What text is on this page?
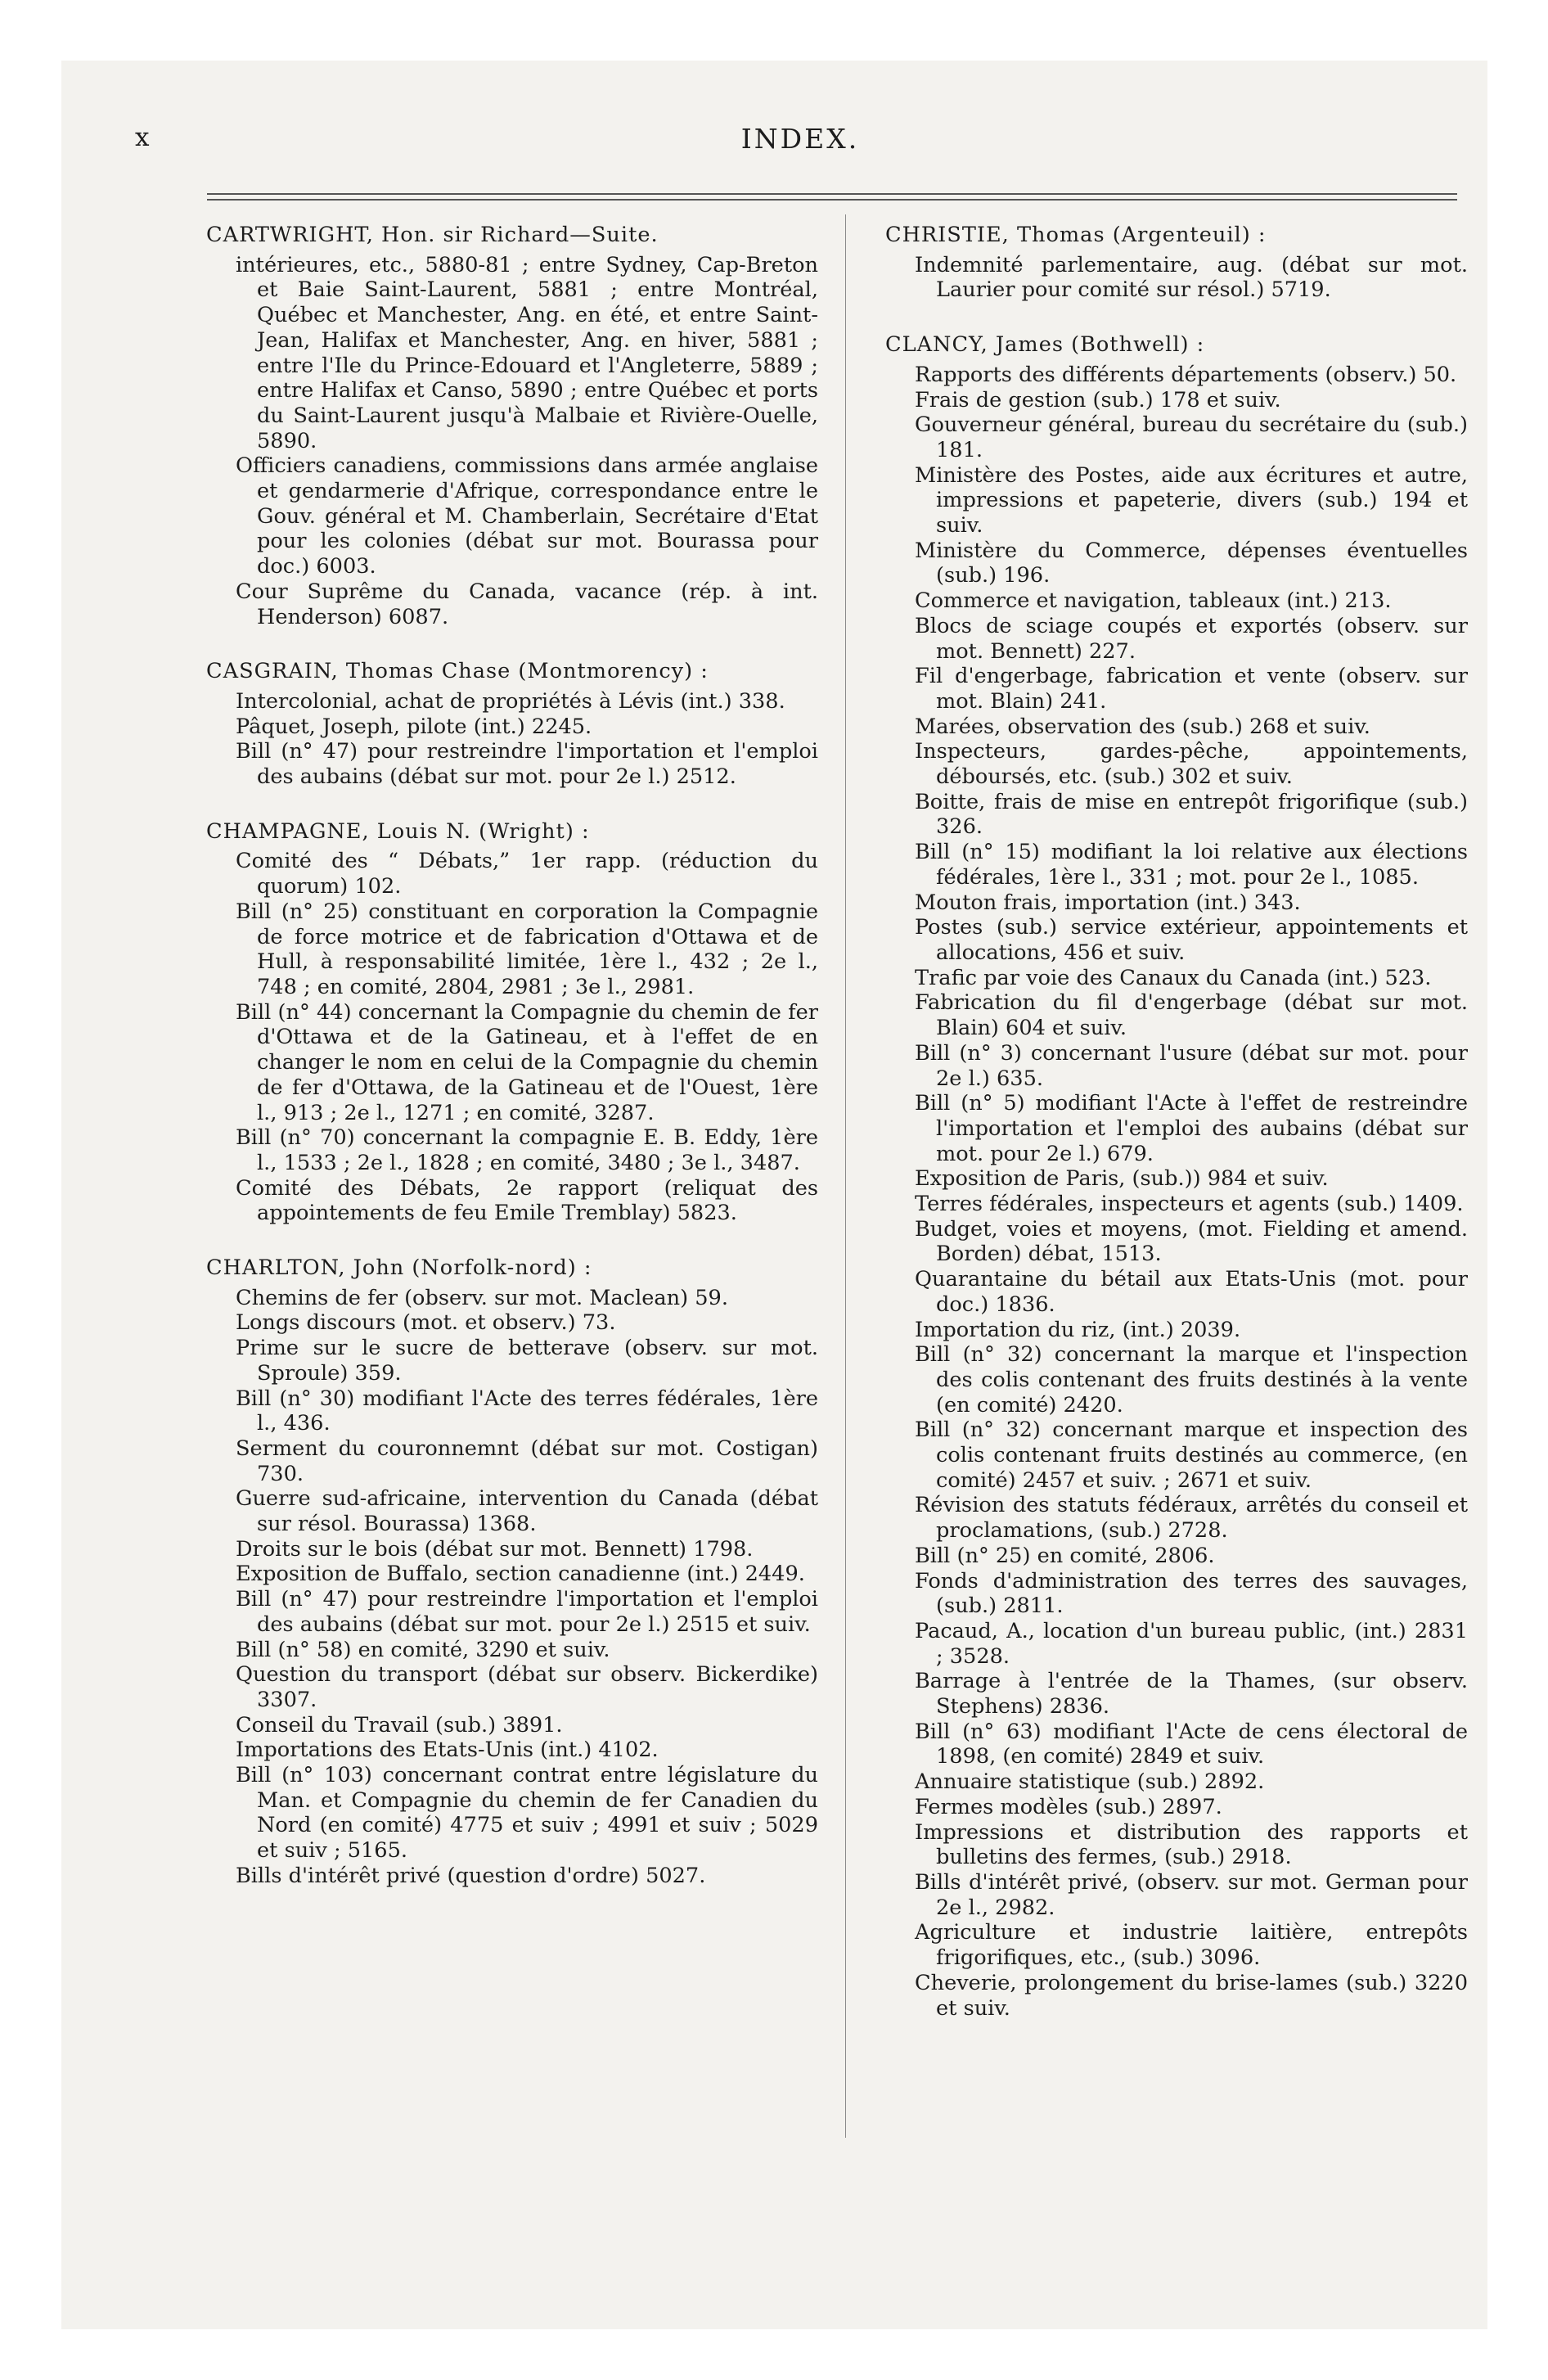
x	INDEX.
CARTWRIGHT, Hon. sir Richard—Suite.
intérieures, etc., 5880-81 ; entre Sydney, Cap-Breton et Baie Saint-Laurent, 5881 ; entre Montréal, Québec et Manchester, Ang. en été, et entre Saint-Jean, Halifax et Manchester, Ang. en hiver, 5881 ; entre l'Ile du Prince-Edouard et l'Angleterre, 5889 ; entre Halifax et Canso, 5890 ; entre Québec et ports du Saint-Laurent jusqu'à Malbaie et Rivière-Ouelle, 5890.
Officiers canadiens, commissions dans armée anglaise et gendarmerie d'Afrique, correspondance entre le Gouv. général et M. Chamberlain, Secrétaire d'Etat pour les colonies (débat sur mot. Bourassa pour doc.) 6003.
Cour Suprême du Canada, vacance (rép. à int. Henderson) 6087.
CASGRAIN, Thomas Chase (Montmorency) :
Intercolonial, achat de propriétés à Lévis (int.) 338.
Pâquet, Joseph, pilote (int.) 2245.
Bill (n° 47) pour restreindre l'importation et l'emploi des aubains (débat sur mot. pour 2e l.) 2512.
CHAMPAGNE, Louis N. (Wright) :
Comité des “ Débats,” 1er rapp. (réduction du quorum) 102.
Bill (n° 25) constituant en corporation la Compagnie de force motrice et de fabrication d'Ottawa et de Hull, à responsabilité limitée, 1ère l., 432 ; 2e l., 748 ; en comité, 2804, 2981 ; 3e l., 2981.
Bill (n° 44) concernant la Compagnie du chemin de fer d'Ottawa et de la Gatineau, et à l'effet de en changer le nom en celui de la Compagnie du chemin de fer d'Ottawa, de la Gatineau et de l'Ouest, 1ère l., 913 ; 2e l., 1271 ; en comité, 3287.
Bill (n° 70) concernant la compagnie E. B. Eddy, 1ère l., 1533 ; 2e l., 1828 ; en comité, 3480 ; 3e l., 3487.
Comité des Débats, 2e rapport (reliquat des appointements de feu Emile Tremblay) 5823.
CHARLTON, John (Norfolk-nord) :
Chemins de fer (observ. sur mot. Maclean) 59.
Longs discours (mot. et observ.) 73.
Prime sur le sucre de betterave (observ. sur mot. Sproule) 359.
Bill (n° 30) modifiant l'Acte des terres fédérales, 1ère l., 436.
Serment du couronnemnt (débat sur mot. Costigan) 730.
Guerre sud-africaine, intervention du Canada (débat sur résol. Bourassa) 1368.
Droits sur le bois (débat sur mot. Bennett) 1798.
Exposition de Buffalo, section canadienne (int.) 2449.
Bill (n° 47) pour restreindre l'importation et l'emploi des aubains (débat sur mot. pour 2e l.) 2515 et suiv.
Bill (n° 58) en comité, 3290 et suiv.
Question du transport (débat sur observ. Bickerdike) 3307.
Conseil du Travail (sub.) 3891.
Importations des Etats-Unis (int.) 4102.
Bill (n° 103) concernant contrat entre législature du Man. et Compagnie du chemin de fer Canadien du Nord (en comité) 4775 et suiv ; 4991 et suiv ; 5029 et suiv ; 5165.
Bills d'intérêt privé (question d'ordre) 5027.
CHRISTIE, Thomas (Argenteuil) :
Indemnité parlementaire, aug. (débat sur mot. Laurier pour comité sur résol.) 5719.
CLANCY, James (Bothwell) :
Rapports des différents départements (observ.) 50.
Frais de gestion (sub.) 178 et suiv.
Gouverneur général, bureau du secrétaire du (sub.) 181.
Ministère des Postes, aide aux écritures et autre, impressions et papeterie, divers (sub.) 194 et suiv.
Ministère du Commerce, dépenses éventuelles (sub.) 196.
Commerce et navigation, tableaux (int.) 213.
Blocs de sciage coupés et exportés (observ. sur mot. Bennett) 227.
Fil d'engerbage, fabrication et vente (observ. sur mot. Blain) 241.
Marées, observation des (sub.) 268 et suiv.
Inspecteurs, gardes-pêche, appointements, déboursés, etc. (sub.) 302 et suiv.
Boitte, frais de mise en entrepôt frigorifique (sub.) 326.
Bill (n° 15) modifiant la loi relative aux élections fédérales, 1ère l., 331 ; mot. pour 2e l., 1085.
Mouton frais, importation (int.) 343.
Postes (sub.) service extérieur, appointements et allocations, 456 et suiv.
Trafic par voie des Canaux du Canada (int.) 523.
Fabrication du fil d'engerbage (débat sur mot. Blain) 604 et suiv.
Bill (n° 3) concernant l'usure (débat sur mot. pour 2e l.) 635.
Bill (n° 5) modifiant l'Acte à l'effet de restreindre l'importation et l'emploi des aubains (débat sur mot. pour 2e l.) 679.
Exposition de Paris, (sub.)) 984 et suiv.
Terres fédérales, inspecteurs et agents (sub.) 1409.
Budget, voies et moyens, (mot. Fielding et amend. Borden) débat, 1513.
Quarantaine du bétail aux Etats-Unis (mot. pour doc.) 1836.
Importation du riz, (int.) 2039.
Bill (n° 32) concernant la marque et l'inspection des colis contenant des fruits destinés à la vente (en comité) 2420.
Bill (n° 32) concernant marque et inspection des colis contenant fruits destinés au commerce, (en comité) 2457 et suiv. ; 2671 et suiv.
Révision des statuts fédéraux, arrêtés du conseil et proclamations, (sub.) 2728.
Bill (n° 25) en comité, 2806.
Fonds d'administration des terres des sauvages, (sub.) 2811.
Pacaud, A., location d'un bureau public, (int.) 2831 ; 3528.
Barrage à l'entrée de la Thames, (sur observ. Stephens) 2836.
Bill (n° 63) modifiant l'Acte de cens électoral de 1898, (en comité) 2849 et suiv.
Annuaire statistique (sub.) 2892.
Fermes modèles (sub.) 2897.
Impressions et distribution des rapports et bulletins des fermes, (sub.) 2918.
Bills d'intérêt privé, (observ. sur mot. German pour 2e l., 2982.
Agriculture et industrie laitière, entrepôts frigorifiques, etc., (sub.) 3096.
Cheverie, prolongement du brise-lames (sub.) 3220 et suiv.
